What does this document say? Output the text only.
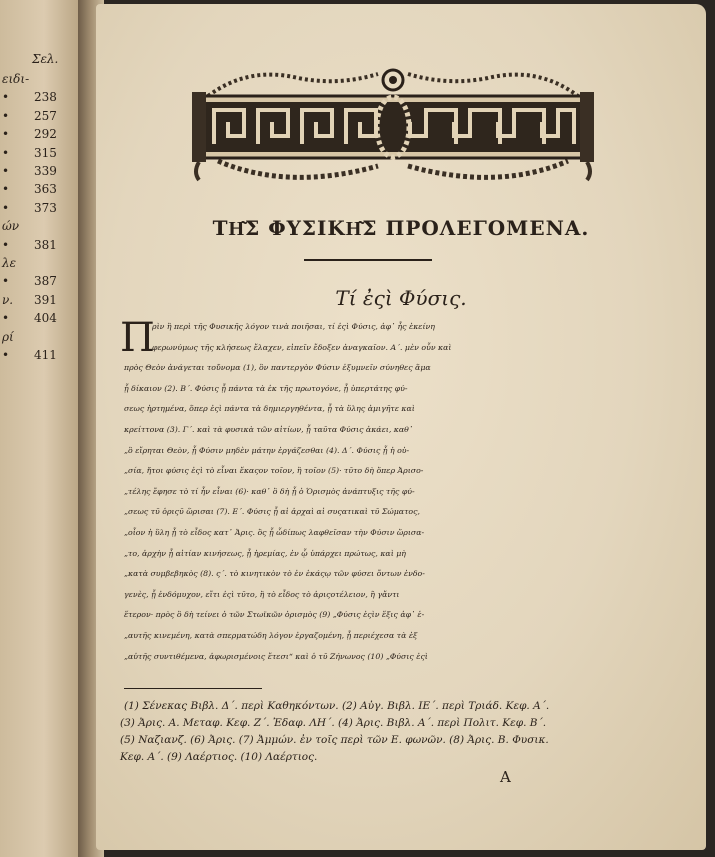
Σελ.
ειδι-
• 238
• 257
• 292
• 315
• 339
• 363
• 373
ών
• 381
λε
• 387
ν. 391
• 404
ρί
• 411
ΤΗ͂Σ ΦΥΣΙΚΗ͂Σ ΠΡΟΛΕΓΟΜΕΝΑ.
Τί ἐςὶ Φύσις.
Π
ρὶν ἢ περὶ τῆς Φυσικῆς λόγον τινὰ ποιῆσαι, τί ἐςὶ Φύσις, ἀφ᾽ ἧς ἐκείνη
φερωνύμως τῆς κλήσεως ἔλαχεν, εἰπεῖν ἔδοξεν ἀναγκαῖον. Α΄. μὲν οὖν καὶ
πρὸς Θεὸν ἀνάγεται τοὔνομα (1), ὃν παντεργὸν Φύσιν ἐξυμνεῖν σύνηθες ἅμα
ᾗ δίκαιον (2). Β΄. Φύσις ᾗ πάντα τὰ ἐκ τῆς πρωτογόνε, ᾗ ὑπερτάτης φύ-
σεως ἠρτημένα, ὅπερ ἐςὶ πάντα τὰ δημιεργηθέντα, ᾗ τὰ ὕλης ἀμιγῆτε καὶ
κρείττονα (3). Γ΄. καὶ τὰ φυσικὰ τῶν αἰτίων, ᾗ ταῦτα Φύσις ἀκάει, καθ᾽
„ὃ εἴρηται Θεὸν, ᾗ Φύσιν μηδὲν μάτην ἐργάζεσθαι (4). Δ΄. Φύσις ᾗ ἡ οὐ-
„σία, ἤτοι φύσις ἐςὶ τὸ εἶναι ἕκαςον τοῖον, ἢ τοῖον (5)· τῦτο δὴ ὅπερ Ἀρισο-
„τέλης ἔφησε τὸ τί ἦν εἶναι (6)· καθ᾽ ὃ δὴ ᾗ ὁ Ὁρισμὸς ἀνάπτυξις τῆς φύ-
„σεως τῦ ὁριςῦ ὥρισαι (7). Ε΄. Φύσις ᾗ αἱ ἀρχαὶ αἱ συςατικαὶ τῦ Σώματος,
„οἷον ἡ ὕλη ᾗ τὸ εἶδος κατ᾽ Ἀρις. ὃς ᾗ ὧδίπως λαφθεῖσαν τὴν Φύσιν ὥρισα-
„το, ἀρχὴν ᾗ αἰτίαν κινήσεως, ᾗ ἠρεμίας, ἐν ᾧ ὑπάρχει πρώτως, καὶ μὴ
„κατὰ συμβεβηκὸς (8). ς΄. τὸ κινητικὸν τὸ ἐν ἑκάςῳ τῶν φύσει ὄντων ἐνδο-
γενὲς, ᾗ ἐνδόμυχον, εἴτι ἐςὶ τῦτο, ἢ τὸ εἶδος τὸ ἀριςοτέλειον, ἢ γἄντι
ἕτερον· πρὸς ὃ δὴ τείνει ὁ τῶν Στωϊκῶν ὁρισμὸς (9) „Φύσις ἐςὶν ἕξις ἀφ᾽ ἑ-
„αυτῆς κινεμένη, κατὰ σπερματώδη λόγον ἐργαζομένη, ᾗ περιέχεσα τὰ ἐξ
„αὐτῆς συντιθέμενα, ἀφωρισμένοις ἔτεσι“ καὶ ὁ τῦ Ζήνωνος (10) „Φύσις ἐςὶ
(1) Σένεκας Βιβλ. Δ΄. περὶ Καθηκόντων. (2) Αὐγ. Βιβλ. ΙΕ΄. περὶ Τριάδ. Κεφ. Α΄.
(3) Ἀρις. Α. Μεταφ. Κεφ. Ζ΄. Ἐδαφ. ΛΗ΄. (4) Ἀρις. Βιβλ. Α΄. περὶ Πολιτ. Κεφ. Β΄.
(5) Ναζιανζ. (6) Ἀρις. (7) Ἀμμών. ἐν τοῖς περὶ τῶν Ε. φωνῶν. (8) Ἀρις. Β. Φυσικ.
Κεφ. Α΄. (9) Λαέρτιος. (10) Λαέρτιος.
Α
